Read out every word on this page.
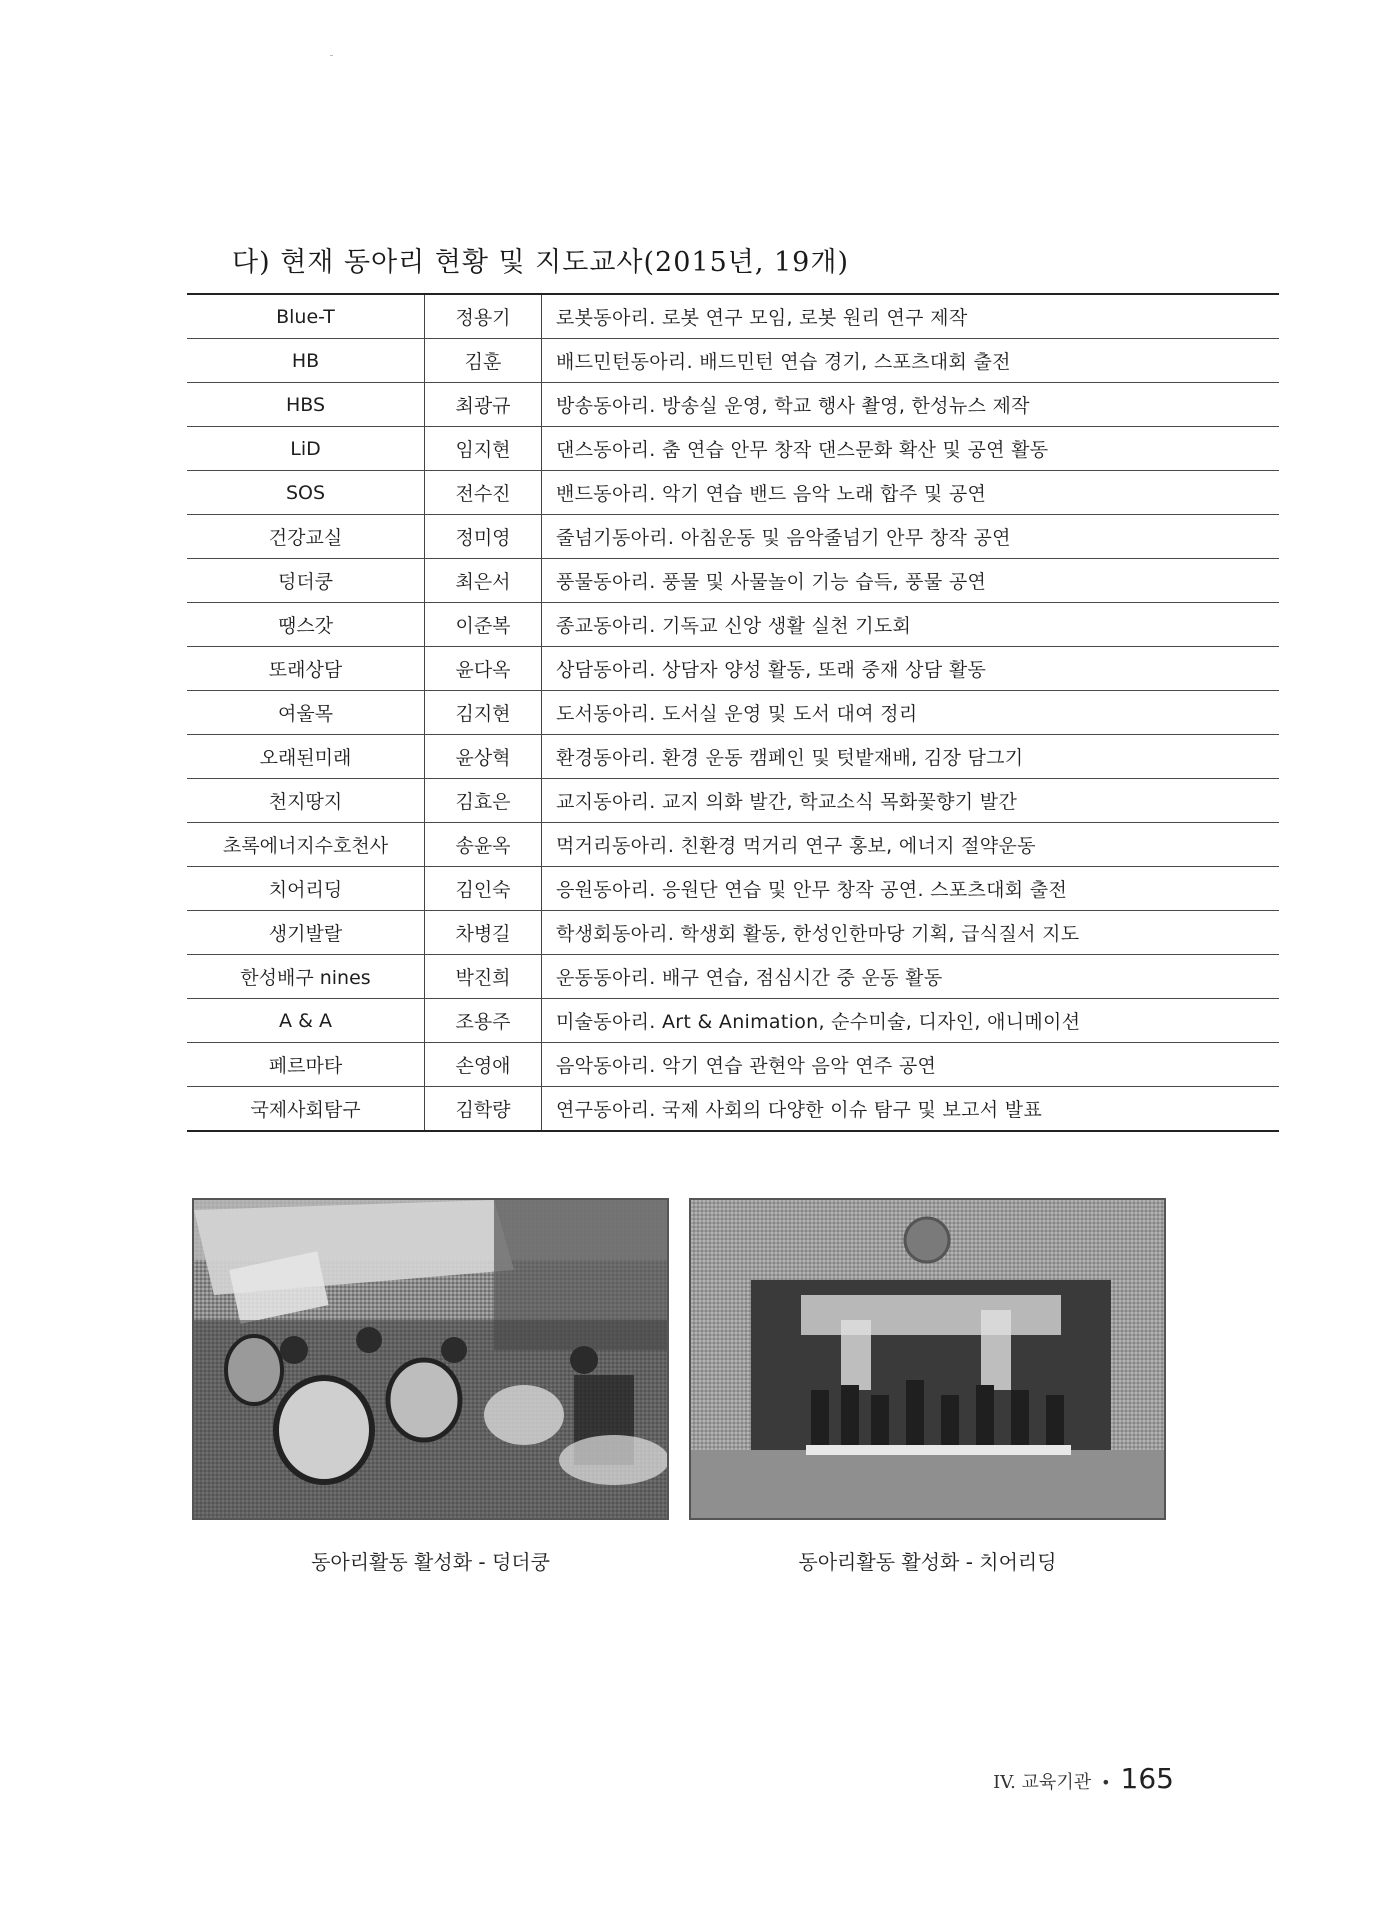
다) 현재 동아리 현황 및 지도교사(2015년, 19개)
Blue-T	정용기	로봇동아리. 로봇 연구 모임, 로봇 원리 연구 제작
HB	김훈	배드민턴동아리. 배드민턴 연습 경기, 스포츠대회 출전
HBS	최광규	방송동아리. 방송실 운영, 학교 행사 촬영, 한성뉴스 제작
LiD	임지현	댄스동아리. 춤 연습 안무 창작 댄스문화 확산 및 공연 활동
SOS	전수진	밴드동아리. 악기 연습 밴드 음악 노래 합주 및 공연
건강교실	정미영	줄넘기동아리. 아침운동 및 음악줄넘기 안무 창작 공연
덩더쿵	최은서	풍물동아리. 풍물 및 사물놀이 기능 습득, 풍물 공연
땡스갓	이준복	종교동아리. 기독교 신앙 생활 실천 기도회
또래상담	윤다옥	상담동아리. 상담자 양성 활동, 또래 중재 상담 활동
여울목	김지현	도서동아리. 도서실 운영 및 도서 대여 정리
오래된미래	윤상혁	환경동아리. 환경 운동 캠페인 및 텃밭재배, 김장 담그기
천지땅지	김효은	교지동아리. 교지 의화 발간, 학교소식 목화꽃향기 발간
초록에너지수호천사	송윤옥	먹거리동아리. 친환경 먹거리 연구 홍보, 에너지 절약운동
치어리딩	김인숙	응원동아리. 응원단 연습 및 안무 창작 공연. 스포츠대회 출전
생기발랄	차병길	학생회동아리. 학생회 활동, 한성인한마당 기획, 급식질서 지도
한성배구 nines	박진희	운동동아리. 배구 연습, 점심시간 중 운동 활동
A & A	조용주	미술동아리. Art & Animation, 순수미술, 디자인, 애니메이션
페르마타	손영애	음악동아리. 악기 연습 관현악 음악 연주 공연
국제사회탐구	김학량	연구동아리. 국제 사회의 다양한 이슈 탐구 및 보고서 발표
동아리활동 활성화 - 덩더쿵	동아리활동 활성화 - 치어리딩
IV. 교육기관 • 165
